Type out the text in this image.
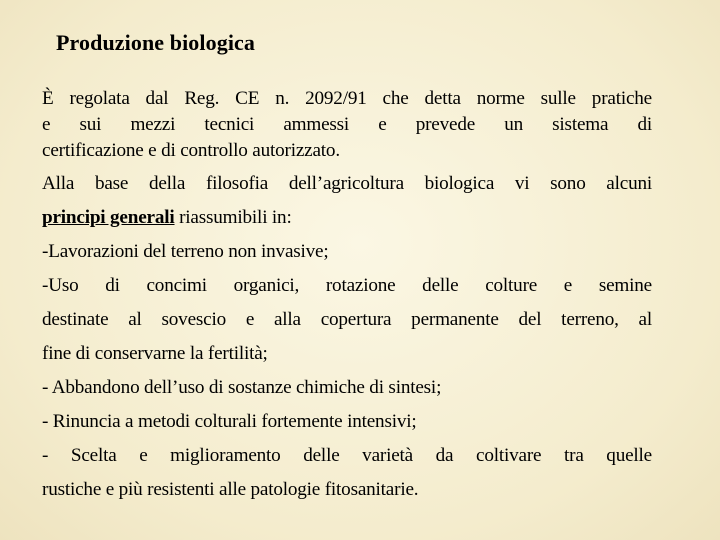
Produzione biologica
È regolata dal Reg. CE n. 2092/91 che detta norme sulle pratiche
e sui mezzi tecnici ammessi e prevede un sistema di
certificazione e di controllo autorizzato.
Alla base della filosofia dell’agricoltura biologica vi sono alcuni
principi generali riassumibili in:
-Lavorazioni del terreno non invasive;
-Uso di concimi organici, rotazione delle colture e semine
destinate al sovescio e alla copertura permanente del terreno, al
fine di conservarne la fertilità;
- Abbandono dell’uso di sostanze chimiche di sintesi;
- Rinuncia a metodi colturali fortemente intensivi;
- Scelta e miglioramento delle varietà da coltivare tra quelle
rustiche e più resistenti alle patologie fitosanitarie.
